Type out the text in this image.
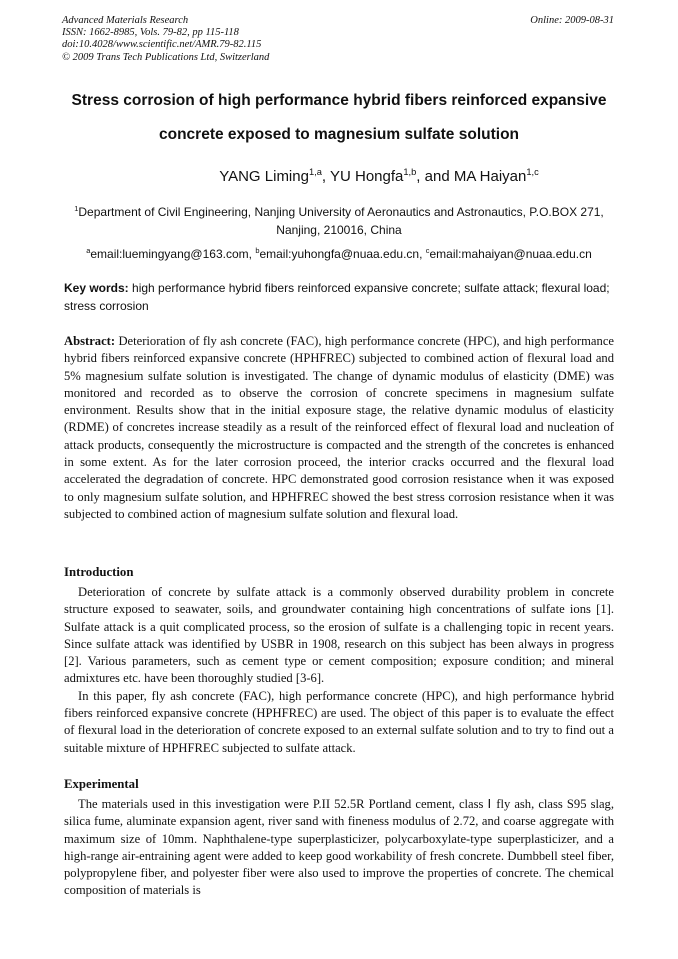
Advanced Materials Research
ISSN: 1662-8985, Vols. 79-82, pp 115-118
doi:10.4028/www.scientific.net/AMR.79-82.115
© 2009 Trans Tech Publications Ltd, Switzerland
Online: 2009-08-31
Stress corrosion of high performance hybrid fibers reinforced expansive
concrete exposed to magnesium sulfate solution
YANG Liming$^{1,a}$, YU Hongfa$^{1,b}$, and MA Haiyan$^{1,c}$
$^1$Department of Civil Engineering, Nanjing University of Aeronautics and Astronautics, P.O.BOX 271,
Nanjing, 210016, China
$^a$email:luemingyang@163.com, $^b$email:yuhongfa@nuaa.edu.cn, $^c$email:mahaiyan@nuaa.edu.cn
Key words: high performance hybrid fibers reinforced expansive concrete; sulfate attack; flexural load; stress corrosion

Abstract: Deterioration of fly ash concrete (FAC), high performance concrete (HPC), and high performance hybrid fibers reinforced expansive concrete (HPHFREC) subjected to combined action of flexural load and 5% magnesium sulfate solution is investigated. The change of dynamic modulus of elasticity (DME) was monitored and recorded as to observe the corrosion of concrete specimens in magnesium sulfate environment. Results show that in the initial exposure stage, the relative dynamic modulus of elasticity (RDME) of concretes increase steadily as a result of the reinforced effect of flexural load and nucleation of attack products, consequently the microstructure is compacted and the strength of the concretes is enhanced in some extent. As for the later corrosion proceed, the interior cracks occurred and the flexural load accelerated the degradation of concrete. HPC demonstrated good corrosion resistance when it was exposed to only magnesium sulfate solution, and HPHFREC showed the best stress corrosion resistance when it was subjected to combined action of magnesium sulfate solution and flexural load.

Introduction

Deterioration of concrete by sulfate attack is a commonly observed durability problem in concrete structure exposed to seawater, soils, and groundwater containing high concentrations of sulfate ions [1]. Sulfate attack is a quit complicated process, so the erosion of sulfate is a challenging topic in recent years. Since sulfate attack was identified by USBR in 1908, research on this subject has been always in progress [2]. Various parameters, such as cement type or cement composition; exposure condition; and mineral admixtures etc. have been thoroughly studied [3-6].

In this paper, fly ash concrete (FAC), high performance concrete (HPC), and high performance hybrid fibers reinforced expansive concrete (HPHFREC) are used. The object of this paper is to evaluate the effect of flexural load in the deterioration of concrete exposed to an external sulfate solution and to try to find out a suitable mixture of HPHFREC subjected to sulfate attack.

Experimental

The materials used in this investigation were P.II 52.5R Portland cement, class Ⅰ fly ash, class S95 slag, silica fume, aluminate expansion agent, river sand with fineness modulus of 2.72, and coarse aggregate with maximum size of 10mm. Naphthalene-type superplasticizer, polycarboxylate-type superplasticizer, and a high-range air-entraining agent were added to keep good workability of fresh concrete. Dumbbell steel fiber, polypropylene fiber, and polyester fiber were also used to improve the properties of concrete. The chemical composition of materials is
